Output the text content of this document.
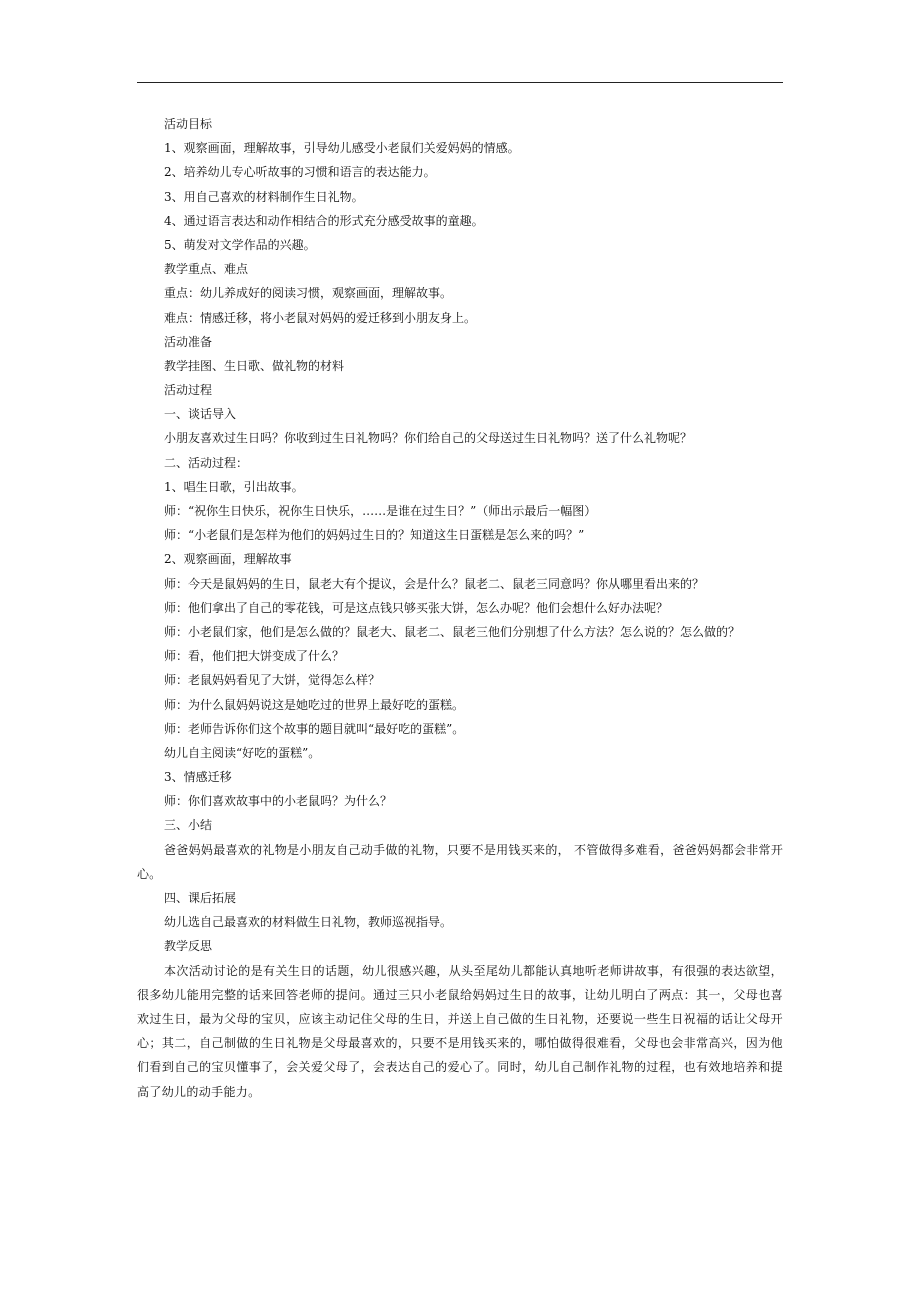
活动目标

1、观察画面，理解故事，引导幼儿感受小老鼠们关爱妈妈的情感。

2、培养幼儿专心听故事的习惯和语言的表达能力。

3、用自己喜欢的材料制作生日礼物。

4、通过语言表达和动作相结合的形式充分感受故事的童趣。

5、萌发对文学作品的兴趣。

教学重点、难点

重点：幼儿养成好的阅读习惯，观察画面，理解故事。

难点：情感迁移，将小老鼠对妈妈的爱迁移到小朋友身上。

活动准备

教学挂图、生日歌、做礼物的材料

活动过程

一、谈话导入

小朋友喜欢过生日吗？你收到过生日礼物吗？你们给自己的父母送过生日礼物吗？送了什么礼物呢？

二、活动过程：

1、唱生日歌，引出故事。

师：“祝你生日快乐，祝你生日快乐，……是谁在过生日？”（师出示最后一幅图）

师：“小老鼠们是怎样为他们的妈妈过生日的？知道这生日蛋糕是怎么来的吗？”

2、观察画面，理解故事

师：今天是鼠妈妈的生日，鼠老大有个提议，会是什么？鼠老二、鼠老三同意吗？你从哪里看出来的？

师：他们拿出了自己的零花钱，可是这点钱只够买张大饼，怎么办呢？他们会想什么好办法呢？

师：小老鼠们家，他们是怎么做的？鼠老大、鼠老二、鼠老三他们分别想了什么方法？怎么说的？怎么做的？

师：看，他们把大饼变成了什么？

师：老鼠妈妈看见了大饼，觉得怎么样？

师：为什么鼠妈妈说这是她吃过的世界上最好吃的蛋糕。

师：老师告诉你们这个故事的题目就叫“最好吃的蛋糕”。

幼儿自主阅读“好吃的蛋糕”。

3、情感迁移

师：你们喜欢故事中的小老鼠吗？为什么？

三、小结

爸爸妈妈最喜欢的礼物是小朋友自己动手做的礼物，只要不是用钱买来的， 不管做得多难看，爸爸妈妈都会非常开心。

四、课后拓展

幼儿选自己最喜欢的材料做生日礼物，教师巡视指导。

教学反思

本次活动讨论的是有关生日的话题，幼儿很感兴趣，从头至尾幼儿都能认真地听老师讲故事，有很强的表达欲望，很多幼儿能用完整的话来回答老师的提问。通过三只小老鼠给妈妈过生日的故事，让幼儿明白了两点：其一，父母也喜欢过生日，最为父母的宝贝，应该主动记住父母的生日，并送上自己做的生日礼物，还要说一些生日祝福的话让父母开心；其二，自己制做的生日礼物是父母最喜欢的，只要不是用钱买来的，哪怕做得很难看，父母也会非常高兴，因为他们看到自己的宝贝懂事了，会关爱父母了，会表达自己的爱心了。同时，幼儿自己制作礼物的过程，也有效地培养和提高了幼儿的动手能力。
